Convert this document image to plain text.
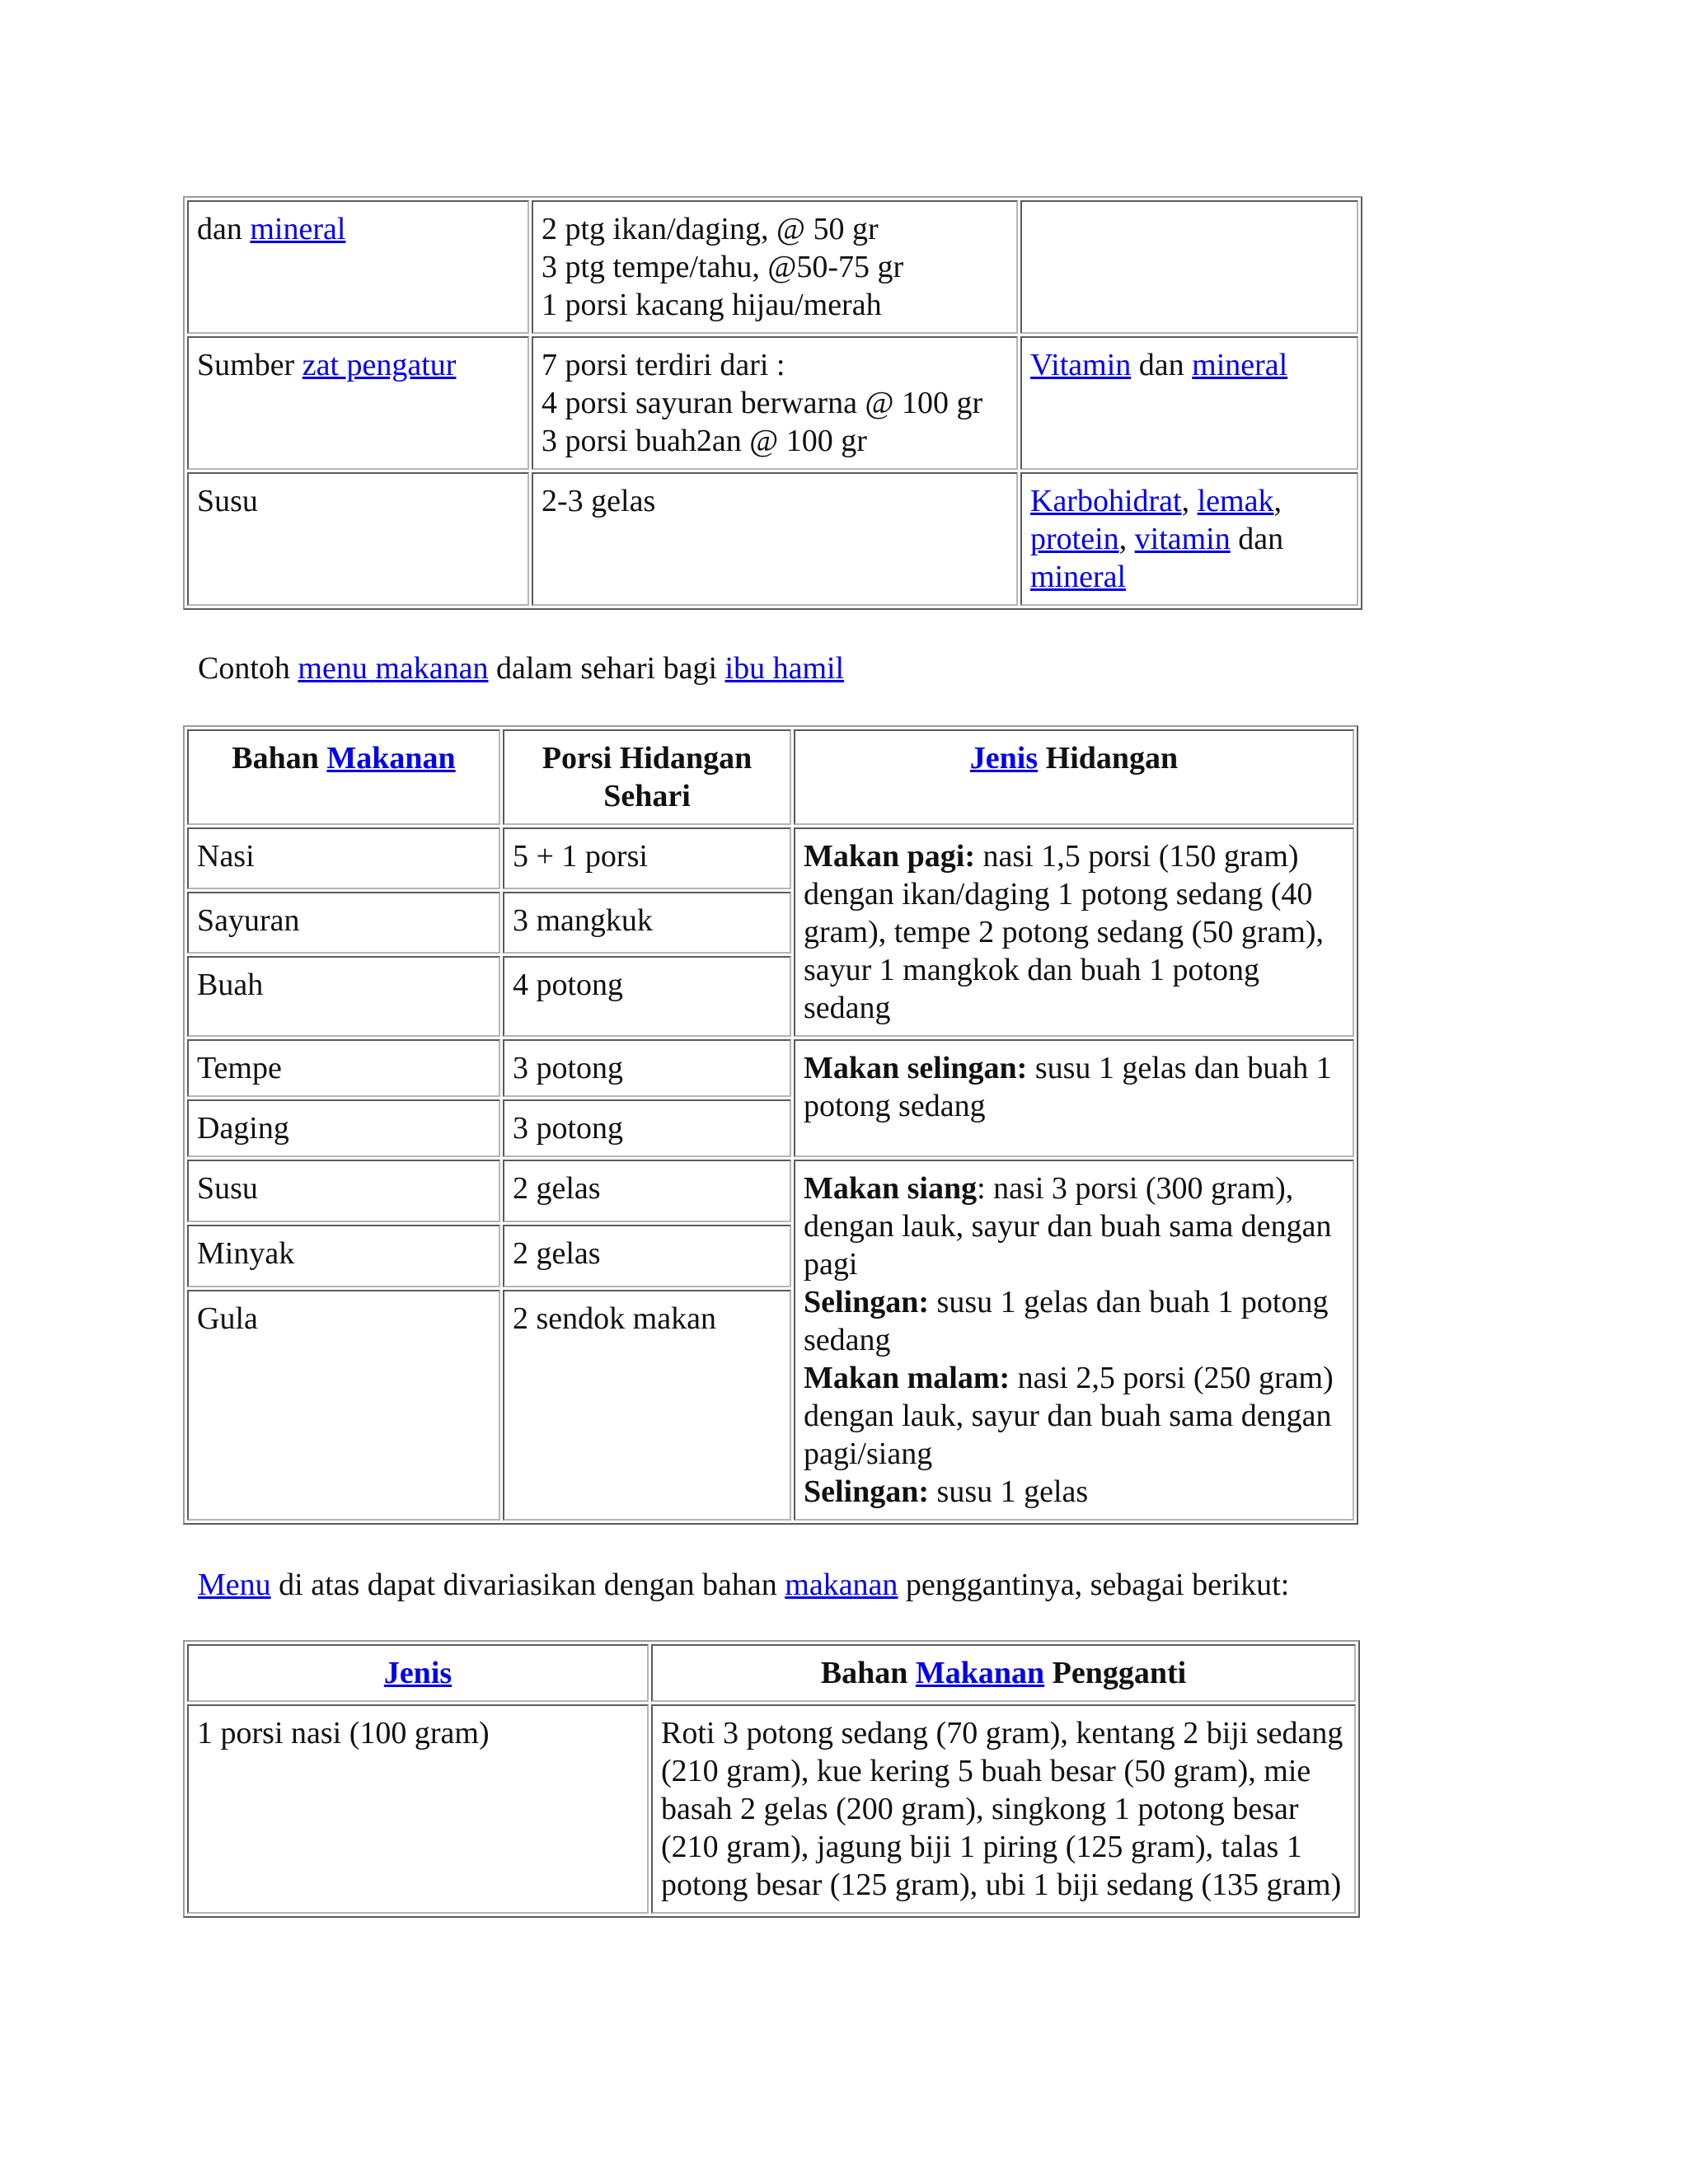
dan mineral	2 ptg ikan/daging, @ 50 gr
3 ptg tempe/tahu, @50-75 gr
1 porsi kacang hijau/merah	

Sumber zat pengatur	7 porsi terdiri dari :
4 porsi sayuran berwarna @ 100 gr
3 porsi buah2an @ 100 gr	Vitamin dan mineral
Susu	2-3 gelas	Karbohidrat, lemak, protein, vitamin dan mineral
Contoh menu makanan dalam sehari bagi ibu hamil
Bahan Makanan	Porsi Hidangan Sehari	Jenis Hidangan
Nasi	5 + 1 porsi	Makan pagi: nasi 1,5 porsi (150 gram) dengan ikan/daging 1 potong sedang (40 gram), tempe 2 potong sedang (50 gram), sayur 1 mangkok dan buah 1 potong sedang
Sayuran	3 mangkuk	
Buah	4 potong	
Tempe	3 potong	Makan selingan: susu 1 gelas dan buah 1 potong sedang
Daging	3 potong	
Susu	2 gelas	Makan siang: nasi 3 porsi (300 gram), dengan lauk, sayur dan buah sama dengan pagi
Selingan: susu 1 gelas dan buah 1 potong sedang
Makan malam: nasi 2,5 porsi (250 gram) dengan lauk, sayur dan buah sama dengan pagi/siang
Selingan: susu 1 gelas
Minyak	2 gelas	
Gula	2 sendok makan	
Menu di atas dapat divariasikan dengan bahan makanan penggantinya, sebagai berikut:
Jenis	Bahan Makanan Pengganti
1 porsi nasi (100 gram)	Roti 3 potong sedang (70 gram), kentang 2 biji sedang (210 gram), kue kering 5 buah besar (50 gram), mie basah 2 gelas (200 gram), singkong 1 potong besar (210 gram), jagung biji 1 piring (125 gram), talas 1 potong besar (125 gram), ubi 1 biji sedang (135 gram)
